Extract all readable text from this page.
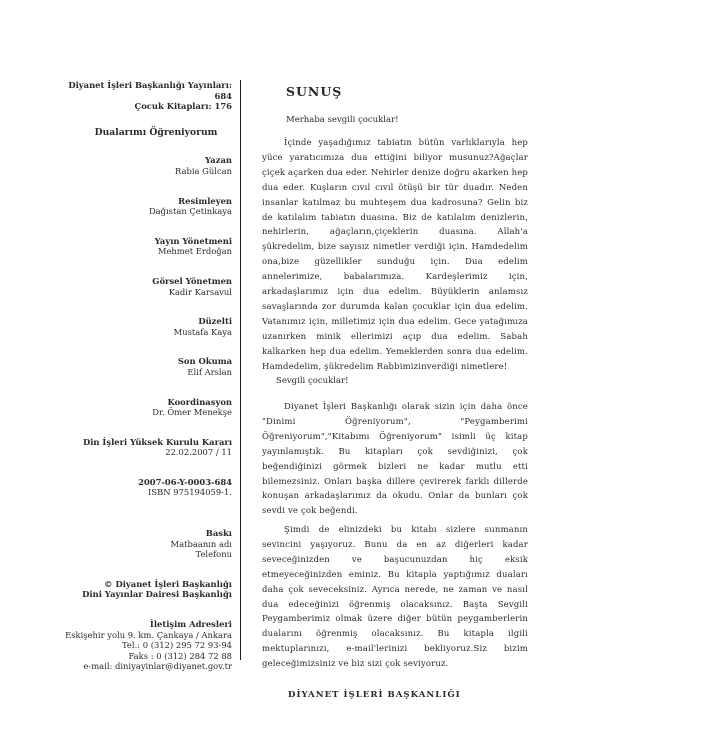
Diyanet İşleri Başkanlığı Yayınları: 684
Çocuk Kitapları: 176
Dualarımı Öğreniyorum
Yazan
Rabia Gülcan
Resimleyen
Dağıstan Çetinkaya
Yayın Yönetmeni
Mehmet Erdoğan
Görsel Yönetmen
Kadir Karsavul
Düzelti
Mustafa Kaya
Son Okuma
Elif Arslan
Koordinasyon
Dr. Ömer Menekşe
Din İşleri Yüksek Kurulu Kararı
22.02.2007 / 11
2007-06-Y-0003-684
ISBN 975194059-1.
Baskı
Matbaanın adı
Telefonu
© Diyanet İşleri Başkanlığı
Dini Yayınlar Dairesi Başkanlığı
İletişim Adresleri
Eskişehir yolu 9. km. Çankaya / Ankara
Tel.: 0 (312) 295 72 93-94
Faks : 0 (312) 284 72 88
e-mail: diniyayinlar@diyanet.gov.tr
SUNUŞ

Merhaba sevgili çocuklar!

İçinde yaşadığımız tabiatın bütün varlıklarıyla hep yüce yaratıcımıza dua ettiğini biliyor musunuz?Ağaçlar çiçek açarken dua eder. Nehirler denize doğru akarken hep dua eder. Kuşların cıvıl cıvıl ötüşü bir tür duadır. Neden insanlar katılmaz bu muhteşem dua kadrosuna? Gelin biz de katılalım tabiatın duasına. Biz de katılalım denizlerin, nehirlerin, ağaçların,çiçeklerin duasına. Allah'a şükredelim, bize sayısız nimetler verdiği için. Hamdedelim ona,bize güzellikler sunduğu için. Dua edelim annelerimize, babalarımıza. Kardeşlerimiz için, arkadaşlarımız için dua edelim. Büyüklerin anlamsız savaşlarında zor durumda kalan çocuklar için dua edelim. Vatanımız için, milletimiz için dua edelim. Gece yatağımıza uzanırken minik ellerimizi açıp dua edelim. Sabah kalkarken hep dua edelim. Yemeklerden sonra dua edelim. Hamdedelim, şükredelim Rabbimizinverdiği nimetlere!

Sevgili çocuklar!

Diyanet İşleri Başkanlığı olarak sizin için daha önce "Dinimi Öğreniyorum", "Peygamberimi Öğreniyorum","Kitabımı Öğreniyorum" isimli üç kitap yayınlamıştık. Bu kitapları çok sevdiğinizi, çok beğendiğinizi görmek bizleri ne kadar mutlu etti bilemezsiniz. Onları başka dillere çevirerek farklı dillerde konuşan arkadaşlarımız da okudu. Onlar da bunları çok sevdi ve çok beğendi.

Şimdi de elinizdeki bu kitabı sizlere sunmanın sevincini yaşıyoruz. Bunu da en az diğerleri kadar seveceğinizden ve başucunuzdan hiç eksik etmeyeceğinizden eminiz. Bu kitapla yaptığımız duaları daha çok seveceksiniz. Ayrıca nerede, ne zaman ve nasıl dua edeceğinizi öğrenmiş olacaksınız. Başta Sevgili Peygamberimiz olmak üzere diğer bütün peygamberlerin dualarını öğrenmiş olacaksınız. Bu kitapla ilgili mektuplarınızı, e-mail'lerinizi bekliyoruz.Siz bizim geleceğimizsiniz ve biz sizi çok seviyoruz.

DİYANET İŞLERİ BAŞKANLIĞI
